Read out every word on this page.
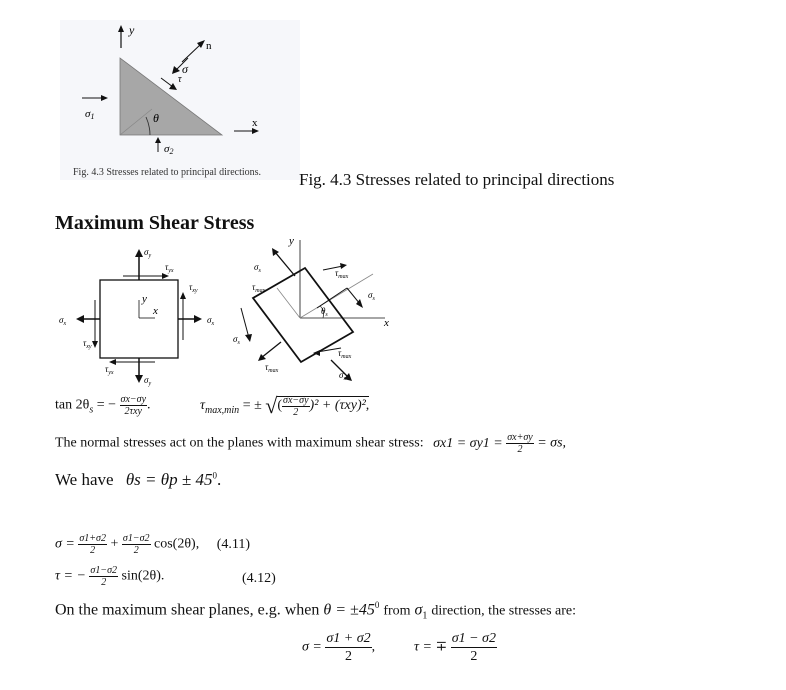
y
n
σ
τ
σ1	θ	x
σ2
Fig. 4.3 Stresses related to principal directions. Fig. 4.3 Stresses related to principal directions
Maximum Shear Stress
$\sigma_y$
$\tau_{yx}$
$\tau_{xy}$
$\sigma_x$
$\sigma_x$
$\tau_{xy}$
$\tau_{yx}$
$\sigma_y$
y
x
y
x
$\sigma_s$	$\tau_{max}$
$\tau_{max}$	$\sigma_s$
$\theta_s$
$\sigma_s$
$\tau_{max}$
$\tau_{max}$
$\sigma_s$
$\tan 2\theta_s$ = − $\frac{\sigma x-\sigma y}{\text{2τxy}}$ .	$\tau_{max,min}$ = ± √( $\frac{\sigma x-\sigma y}{2} )^2 + (\tau xy)^2$,
The normal stresses act on the planes with maximum shear stress: $\sigma x1 = \sigma y1 = \frac{\sigma x+\sigma y}{2} = \sigma s$,
We have $\theta s = \theta p \pm 45^0$.
$\sigma = \frac{\sigma 1+\sigma 2}{2} + \frac{\sigma 1-\sigma 2}{2} \cos(2\theta)$, (4.11)
τ = − $\frac{\sigma 1-\sigma 2}{2} \sin(2\theta)$.	(4.12)
On the maximum shear planes, e.g. when $\theta = \pm 45^0$ from $\sigma_1$ direction, the stresses are:
$\sigma = \frac{\sigma 1 + \sigma 2}{2}$ ,	τ = ∓ $\frac{\sigma 1 - \sigma 2}{2}$
